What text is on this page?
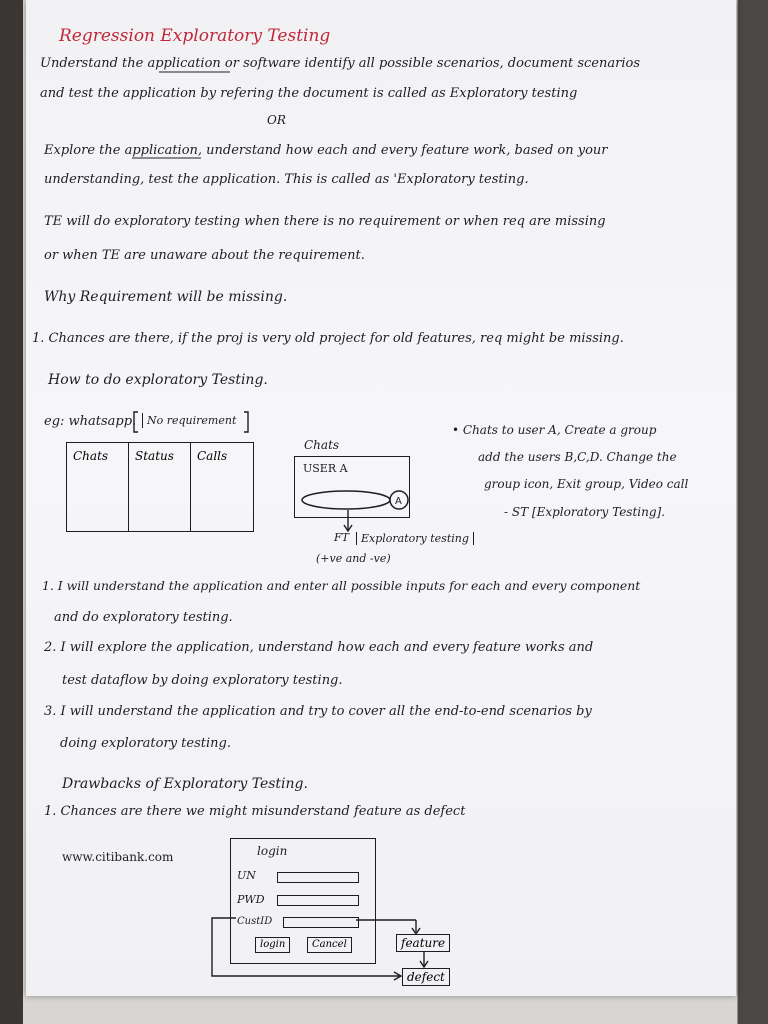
Regression Exploratory Testing
Understand the application or software identify all possible scenarios, document scenarios
and test the application by refering the document is called as Exploratory testing
OR
Explore the application, understand how each and every feature work, based on your
understanding, test the application. This is called as 'Exploratory testing.
TE will do exploratory testing when there is no requirement or when req are missing
or when TE are unaware about the requirement.
Why Requirement will be missing.
1. Chances are there, if the proj is very old project for old features, req might be missing.
How to do exploratory Testing.
eg: whatsapp. No requirement
Chats	Status	Calls
Chats
USER A
FT	Exploratory testing
(+ve and -ve)
• Chats to user A, Create a group
add the users B,C,D. Change the
group icon, Exit group, Video call
- ST [Exploratory Testing].
1. I will understand the application and enter all possible inputs for each and every component
and do exploratory testing.
2. I will explore the application, understand how each and every feature works and
test dataflow by doing exploratory testing.
3. I will understand the application and try to cover all the end-to-end scenarios by
doing exploratory testing.
Drawbacks of Exploratory Testing.
1. Chances are there we might misunderstand feature as defect
www.citibank.com	login
UN
PWD
CustID
login	Cancel	feature
defect
A
